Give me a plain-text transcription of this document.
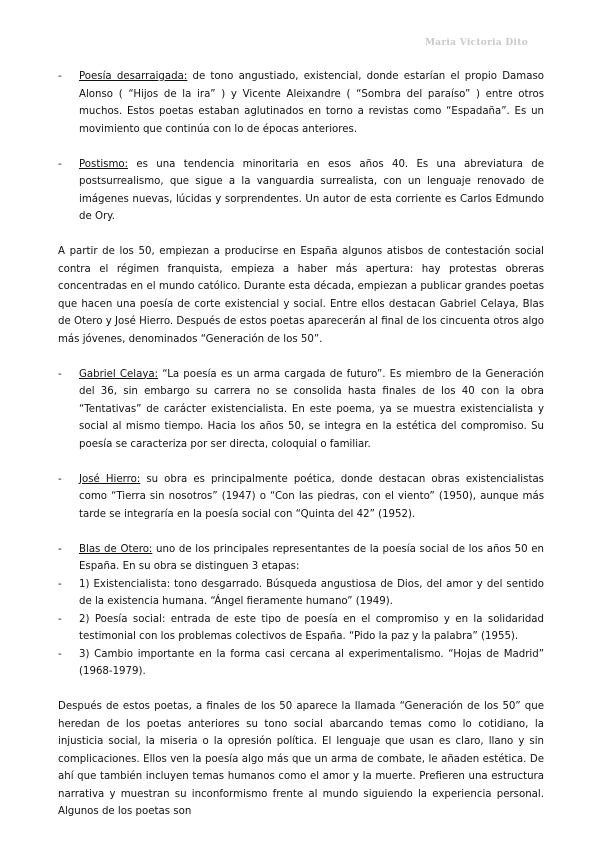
Maria Victoria Dito
- Poesía desarraigada: de tono angustiado, existencial, donde estarían el propio Damaso Alonso ( “Hijos de la ira” ) y Vicente Aleixandre ( “Sombra del paraíso” ) entre otros muchos. Estos poetas estaban aglutinados en torno a revistas como “Espadaña”. Es un movimiento que continúa con lo de épocas anteriores.
- Postismo: es una tendencia minoritaria en esos años 40. Es una abreviatura de postsurrealismo, que sigue a la vanguardia surrealista, con un lenguaje renovado de imágenes nuevas, lúcidas y sorprendentes. Un autor de esta corriente es Carlos Edmundo de Ory.

A partir de los 50, empiezan a producirse en España algunos atisbos de contestación social contra el régimen franquista, empieza a haber más apertura: hay protestas obreras concentradas en el mundo católico. Durante esta década, empiezan a publicar grandes poetas que hacen una poesía de corte existencial y social. Entre ellos destacan Gabriel Celaya, Blas de Otero y José Hierro. Después de estos poetas aparecerán al final de los cincuenta otros algo más jóvenes, denominados “Generación de los 50”.

- Gabriel Celaya: “La poesía es un arma cargada de futuro”. Es miembro de la Generación del 36, sin embargo su carrera no se consolida hasta finales de los 40 con la obra “Tentativas” de carácter existencialista. En este poema, ya se muestra existencialista y social al mismo tiempo. Hacia los años 50, se integra en la estética del compromiso. Su poesía se caracteriza por ser directa, coloquial o familiar.
- José Hierro: su obra es principalmente poética, donde destacan obras existencialistas como “Tierra sin nosotros” (1947) o “Con las piedras, con el viento” (1950), aunque más tarde se integraría en la poesía social con “Quinta del 42” (1952).
- Blas de Otero: uno de los principales representantes de la poesía social de los años 50 en España. En su obra se distinguen 3 etapas:
- 1) Existencialista: tono desgarrado. Búsqueda angustiosa de Dios, del amor y del sentido de la existencia humana. “Ángel fieramente humano” (1949).
- 2) Poesía social: entrada de este tipo de poesía en el compromiso y en la solidaridad testimonial con los problemas colectivos de España. “Pido la paz y la palabra” (1955).
- 3) Cambio importante en la forma casi cercana al experimentalismo. “Hojas de Madrid” (1968-1979).

Después de estos poetas, a finales de los 50 aparece la llamada “Generación de los 50” que heredan de los poetas anteriores su tono social abarcando temas como lo cotidiano, la injusticia social, la miseria o la opresión política. El lenguaje que usan es claro, llano y sin complicaciones. Ellos ven la poesía algo más que un arma de combate, le añaden estética. De ahí que también incluyen temas humanos como el amor y la muerte. Prefieren una estructura narrativa y muestran su inconformismo frente al mundo siguiendo la experiencia personal. Algunos de los poetas son
